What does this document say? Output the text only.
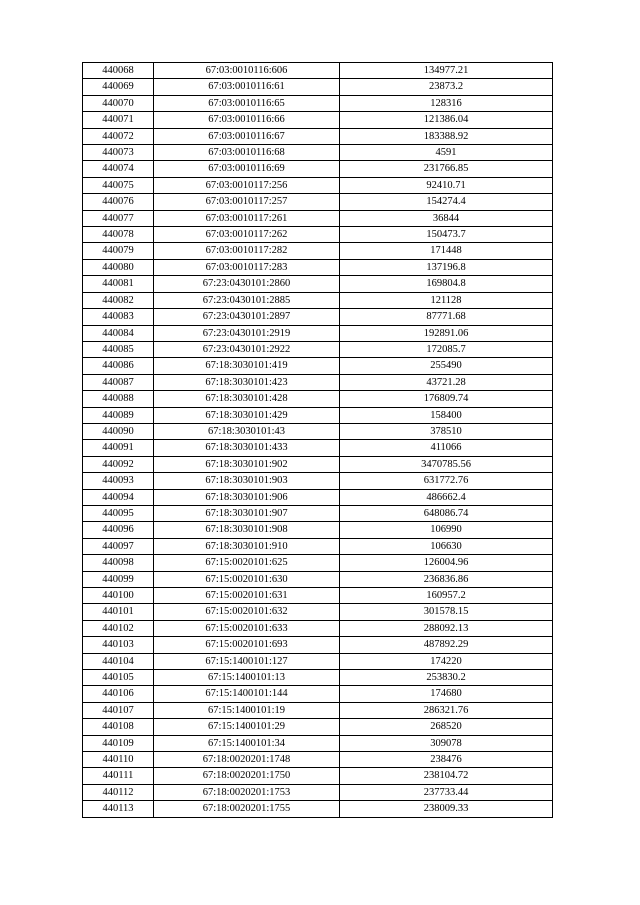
440068	67:03:0010116:606	134977.21
440069	67:03:0010116:61	23873.2
440070	67:03:0010116:65	128316
440071	67:03:0010116:66	121386.04
440072	67:03:0010116:67	183388.92
440073	67:03:0010116:68	4591
440074	67:03:0010116:69	231766.85
440075	67:03:0010117:256	92410.71
440076	67:03:0010117:257	154274.4
440077	67:03:0010117:261	36844
440078	67:03:0010117:262	150473.7
440079	67:03:0010117:282	171448
440080	67:03:0010117:283	137196.8
440081	67:23:0430101:2860	169804.8
440082	67:23:0430101:2885	121128
440083	67:23:0430101:2897	87771.68
440084	67:23:0430101:2919	192891.06
440085	67:23:0430101:2922	172085.7
440086	67:18:3030101:419	255490
440087	67:18:3030101:423	43721.28
440088	67:18:3030101:428	176809.74
440089	67:18:3030101:429	158400
440090	67:18:3030101:43	378510
440091	67:18:3030101:433	411066
440092	67:18:3030101:902	3470785.56
440093	67:18:3030101:903	631772.76
440094	67:18:3030101:906	486662.4
440095	67:18:3030101:907	648086.74
440096	67:18:3030101:908	106990
440097	67:18:3030101:910	106630
440098	67:15:0020101:625	126004.96
440099	67:15:0020101:630	236836.86
440100	67:15:0020101:631	160957.2
440101	67:15:0020101:632	301578.15
440102	67:15:0020101:633	288092.13
440103	67:15:0020101:693	487892.29
440104	67:15:1400101:127	174220
440105	67:15:1400101:13	253830.2
440106	67:15:1400101:144	174680
440107	67:15:1400101:19	286321.76
440108	67:15:1400101:29	268520
440109	67:15:1400101:34	309078
440110	67:18:0020201:1748	238476
440111	67:18:0020201:1750	238104.72
440112	67:18:0020201:1753	237733.44
440113	67:18:0020201:1755	238009.33
